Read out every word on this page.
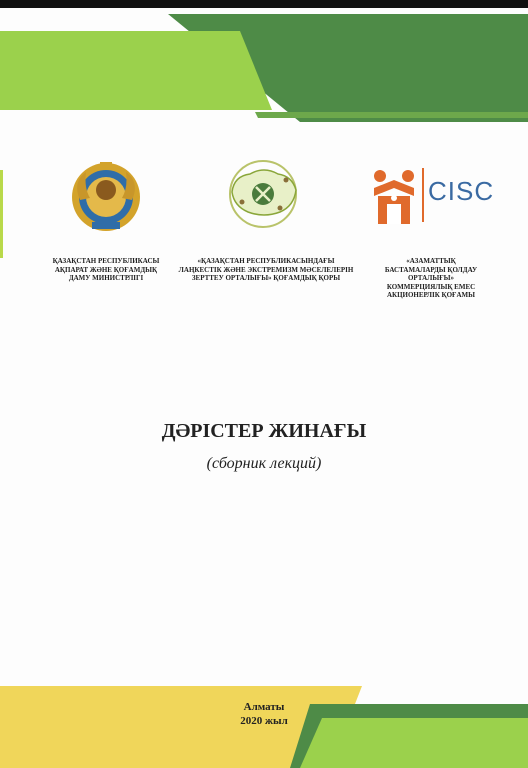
CISC
ҚАЗАҚСТАН РЕСПУБЛИКАСЫ АҚПАРАТ ЖӘНЕ ҚОҒАМДЫҚ ДАМУ МИНИСТРЛІГІ
«ҚАЗАҚСТАН РЕСПУБЛИКАСЫНДАҒЫ ЛАҢКЕСТІК ЖӘНЕ ЭКСТРЕМИЗМ МӘСЕЛЕЛЕРІН ЗЕРТТЕУ ОРТАЛЫҒЫ» ҚОҒАМДЫҚ ҚОРЫ
«АЗАМАТТЫҚ БАСТАМАЛАРДЫ ҚОЛДАУ ОРТАЛЫҒЫ» КОММЕРЦИЯЛЫҚ ЕМЕС АКЦИОНЕРЛІК ҚОҒАМЫ
ДӘРІСТЕР ЖИНАҒЫ
(сборник лекций)
Алматы
2020 жыл
